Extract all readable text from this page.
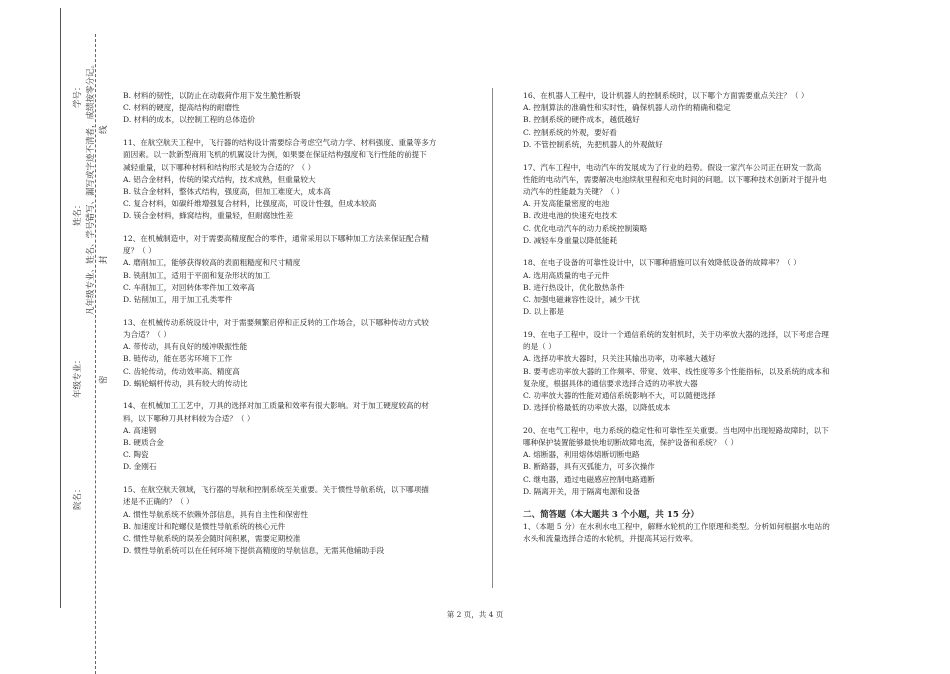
学号：
姓名：
漏写或字迹不清者，成绩按零分记。 线
凡年级专业、姓名、学号错写、 封
年级专业： 密
院名：

B. 材料的韧性，以防止在动载荷作用下发生脆性断裂

C. 材料的硬度，提高结构的耐磨性

D. 材料的成本，以控制工程的总体造价

11、在航空航天工程中，飞行器的结构设计需要综合考虑空气动力学、材料强度、重量等多方

面因素。以一款新型商用飞机的机翼设计为例，如果要在保证结构强度和飞行性能的前提下

减轻重量，以下哪种材料和结构形式是较为合适的？（ ）

A. 铝合金材料，传统的梁式结构，技术成熟，但重量较大

B. 钛合金材料，整体式结构，强度高，但加工难度大，成本高

C. 复合材料，如碳纤维增强复合材料，比强度高，可设计性强，但成本较高

D. 镁合金材料，蜂窝结构，重量轻，但耐腐蚀性差

12、在机械制造中，对于需要高精度配合的零件，通常采用以下哪种加工方法来保证配合精

度？（ ）

A. 磨削加工，能够获得较高的表面粗糙度和尺寸精度

B. 铣削加工，适用于平面和复杂形状的加工

C. 车削加工，对回转体零件加工效率高

D. 钻削加工，用于加工孔类零件

13、在机械传动系统设计中，对于需要频繁启停和正反转的工作场合，以下哪种传动方式较

为合适？（ ）

A. 带传动，具有良好的缓冲吸振性能

B. 链传动，能在恶劣环境下工作

C. 齿轮传动，传动效率高、精度高

D. 蜗轮蜗杆传动，具有较大的传动比

14、在机械加工工艺中，刀具的选择对加工质量和效率有很大影响。对于加工硬度较高的材

料，以下哪种刀具材料较为合适？（ ）

A. 高速钢

B. 硬质合金

C. 陶瓷

D. 金刚石

15、在航空航天领域，飞行器的导航和控制系统至关重要。关于惯性导航系统，以下哪项描

述是不正确的？（ ）

A. 惯性导航系统不依赖外部信息，具有自主性和保密性

B. 加速度计和陀螺仪是惯性导航系统的核心元件

C. 惯性导航系统的误差会随时间积累，需要定期校准

D. 惯性导航系统可以在任何环境下提供高精度的导航信息，无需其他辅助手段

16、在机器人工程中，设计机器人的控制系统时，以下哪个方面需要重点关注？（ ）

A. 控制算法的准确性和实时性，确保机器人动作的精确和稳定

B. 控制系统的硬件成本，越低越好

C. 控制系统的外观，要好看

D. 不管控制系统，先把机器人的外观做好

17、汽车工程中，电动汽车的发展成为了行业的趋势。假设一家汽车公司正在研发一款高

性能的电动汽车，需要解决电池续航里程和充电时间的问题。以下哪种技术创新对于提升电

动汽车的性能最为关键？（ ）

A. 开发高能量密度的电池

B. 改进电池的快速充电技术

C. 优化电动汽车的动力系统控制策略

D. 减轻车身重量以降低能耗

18、在电子设备的可靠性设计中，以下哪种措施可以有效降低设备的故障率？（ ）

A. 选用高质量的电子元件

B. 进行热设计，优化散热条件

C. 加强电磁兼容性设计，减少干扰

D. 以上都是

19、在电子工程中，设计一个通信系统的发射机时，关于功率放大器的选择，以下考虑合理

的是（ ）

A. 选择功率放大器时，只关注其输出功率，功率越大越好

B. 要考虑功率放大器的工作频率、带宽、效率、线性度等多个性能指标，以及系统的成本和

复杂度，根据具体的通信要求选择合适的功率放大器

C. 功率放大器的性能对通信系统影响不大，可以随便选择

D. 选择价格最低的功率放大器，以降低成本

20、在电气工程中，电力系统的稳定性和可靠性至关重要。当电网中出现短路故障时，以下

哪种保护装置能够最快地切断故障电流，保护设备和系统？（ ）

A. 熔断器，利用熔体熔断切断电路

B. 断路器，具有灭弧能力，可多次操作

C. 继电器，通过电磁感应控制电路通断

D. 隔离开关，用于隔离电源和设备

二、简答题（本大题共 3 个小题，共 15 分）

1、（本题 5 分）在水利水电工程中，解释水轮机的工作原理和类型。分析如何根据水电站的

水头和流量选择合适的水轮机，并提高其运行效率。

第 2 页，共 4 页
